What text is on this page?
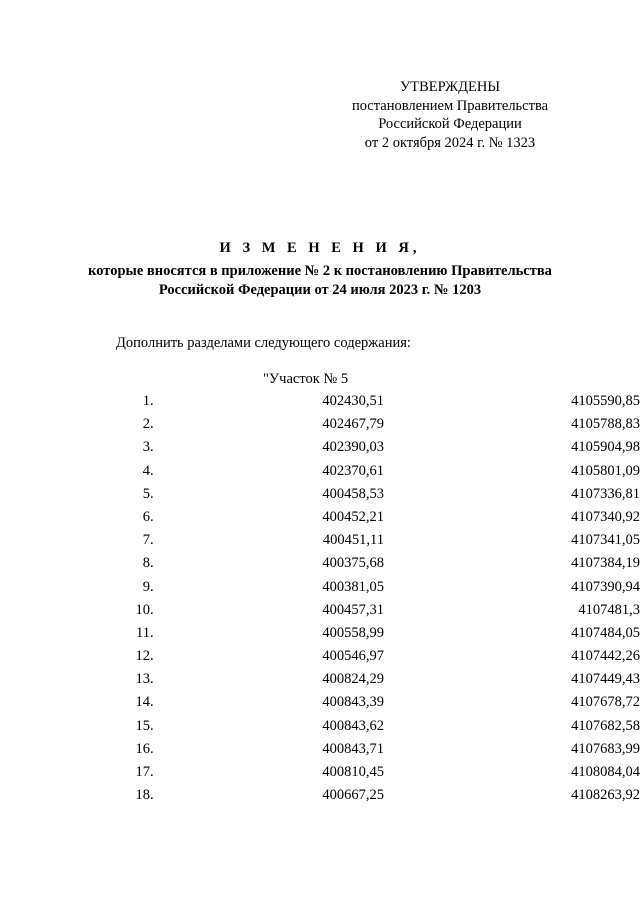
УТВЕРЖДЕНЫ
постановлением Правительства
Российской Федерации
от 2 октября 2024 г. № 1323
И З М Е Н Е Н И Я,
которые вносятся в приложение № 2 к постановлению Правительства
Российской Федерации от 24 июля 2023 г. № 1203
Дополнить разделами следующего содержания:
"Участок № 5
1.	402430,51	4105590,85
2.	402467,79	4105788,83
3.	402390,03	4105904,98
4.	402370,61	4105801,09
5.	400458,53	4107336,81
6.	400452,21	4107340,92
7.	400451,11	4107341,05
8.	400375,68	4107384,19
9.	400381,05	4107390,94
10.	400457,31	4107481,3
11.	400558,99	4107484,05
12.	400546,97	4107442,26
13.	400824,29	4107449,43
14.	400843,39	4107678,72
15.	400843,62	4107682,58
16.	400843,71	4107683,99
17.	400810,45	4108084,04
18.	400667,25	4108263,92
